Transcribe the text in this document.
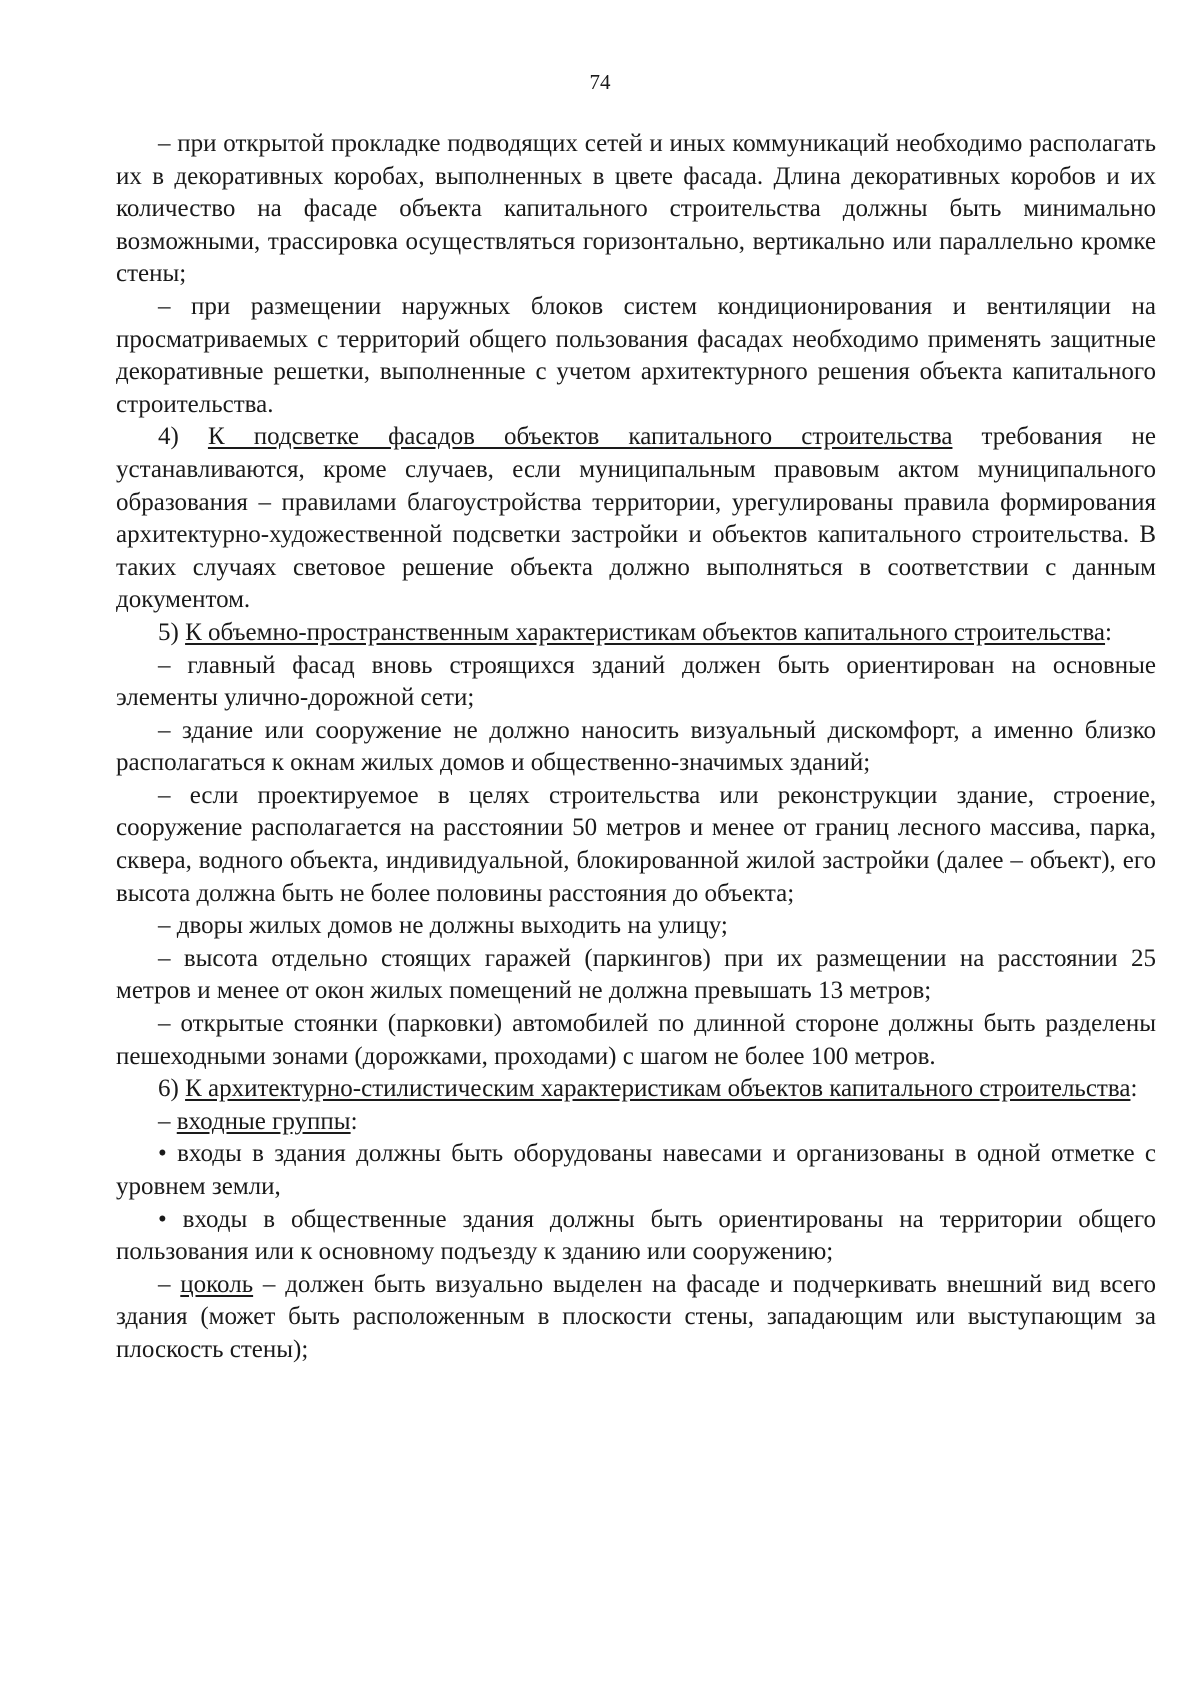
74

– при открытой прокладке подводящих сетей и иных коммуникаций необходимо располагать их в декоративных коробах, выполненных в цвете фасада. Длина декоративных коробов и их количество на фасаде объекта капитального строительства должны быть минимально возможными, трассировка осуществляться горизонтально, вертикально или параллельно кромке стены;

– при размещении наружных блоков систем кондиционирования и вентиляции на просматриваемых с территорий общего пользования фасадах необходимо применять защитные декоративные решетки, выполненные с учетом архитектурного решения объекта капитального строительства.

4) К подсветке фасадов объектов капитального строительства требования не устанавливаются, кроме случаев, если муниципальным правовым актом муниципального образования – правилами благоустройства территории, урегулированы правила формирования архитектурно-художественной подсветки застройки и объектов капитального строительства. В таких случаях световое решение объекта должно выполняться в соответствии с данным документом.

5) К объемно-пространственным характеристикам объектов капитального строительства:

– главный фасад вновь строящихся зданий должен быть ориентирован на основные элементы улично-дорожной сети;

– здание или сооружение не должно наносить визуальный дискомфорт, а именно близко располагаться к окнам жилых домов и общественно-значимых зданий;

– если проектируемое в целях строительства или реконструкции здание, строение, сооружение располагается на расстоянии 50 метров и менее от границ лесного массива, парка, сквера, водного объекта, индивидуальной, блокированной жилой застройки (далее – объект), его высота должна быть не более половины расстояния до объекта;

– дворы жилых домов не должны выходить на улицу;

– высота отдельно стоящих гаражей (паркингов) при их размещении на расстоянии 25 метров и менее от окон жилых помещений не должна превышать 13 метров;

– открытые стоянки (парковки) автомобилей по длинной стороне должны быть разделены пешеходными зонами (дорожками, проходами) с шагом не более 100 метров.

6) К архитектурно-стилистическим характеристикам объектов капитального строительства:

– входные группы:

• входы в здания должны быть оборудованы навесами и организованы в одной отметке с уровнем земли,

• входы в общественные здания должны быть ориентированы на территории общего пользования или к основному подъезду к зданию или сооружению;

– цоколь – должен быть визуально выделен на фасаде и подчеркивать внешний вид всего здания (может быть расположенным в плоскости стены, западающим или выступающим за плоскость стены);
